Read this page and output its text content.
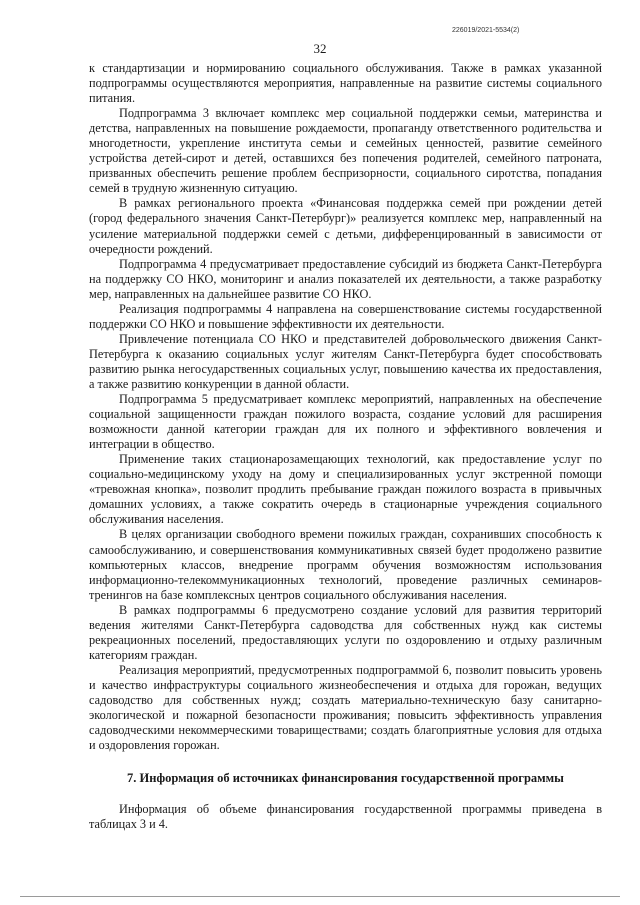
226019/2021-5534(2)
32

к стандартизации и нормированию социального обслуживания. Также в рамках указанной подпрограммы осуществляются мероприятия, направленные на развитие системы социального питания.

Подпрограмма 3 включает комплекс мер социальной поддержки семьи, материнства и детства, направленных на повышение рождаемости, пропаганду ответственного родительства и многодетности, укрепление института семьи и семейных ценностей, развитие семейного устройства детей-сирот и детей, оставшихся без попечения родителей, семейного патроната, призванных обеспечить решение проблем беспризорности, социального сиротства, попадания семей в трудную жизненную ситуацию.

В рамках регионального проекта «Финансовая поддержка семей при рождении детей (город федерального значения Санкт-Петербург)» реализуется комплекс мер, направленный на усиление материальной поддержки семей с детьми, дифференцированный в зависимости от очередности рождений.

Подпрограмма 4 предусматривает предоставление субсидий из бюджета Санкт-Петербурга на поддержку СО НКО, мониторинг и анализ показателей их деятельности, а также разработку мер, направленных на дальнейшее развитие СО НКО.

Реализация подпрограммы 4 направлена на совершенствование системы государственной поддержки СО НКО и повышение эффективности их деятельности.

Привлечение потенциала СО НКО и представителей добровольческого движения Санкт-Петербурга к оказанию социальных услуг жителям Санкт-Петербурга будет способствовать развитию рынка негосударственных социальных услуг, повышению качества их предоставления, а также развитию конкуренции в данной области.

Подпрограмма 5 предусматривает комплекс мероприятий, направленных на обеспечение социальной защищенности граждан пожилого возраста, создание условий для расширения возможности данной категории граждан для их полного и эффективного вовлечения и интеграции в общество.

Применение таких стационарозамещающих технологий, как предоставление услуг по социально-медицинскому уходу на дому и специализированных услуг экстренной помощи «тревожная кнопка», позволит продлить пребывание граждан пожилого возраста в привычных домашних условиях, а также сократить очередь в стационарные учреждения социального обслуживания населения.

В целях организации свободного времени пожилых граждан, сохранивших способность к самообслуживанию, и совершенствования коммуникативных связей будет продолжено развитие компьютерных классов, внедрение программ обучения возможностям использования информационно-телекоммуникационных технологий, проведение различных семинаров-тренингов на базе комплексных центров социального обслуживания населения.

В рамках подпрограммы 6 предусмотрено создание условий для развития территорий ведения жителями Санкт-Петербурга садоводства для собственных нужд как системы рекреационных поселений, предоставляющих услуги по оздоровлению и отдыху различным категориям граждан.

Реализация мероприятий, предусмотренных подпрограммой 6, позволит повысить уровень и качество инфраструктуры социального жизнеобеспечения и отдыха для горожан, ведущих садоводство для собственных нужд; создать материально-техническую базу санитарно-экологической и пожарной безопасности проживания; повысить эффективность управления садоводческими некоммерческими товариществами; создать благоприятные условия для отдыха и оздоровления горожан.

7. Информация об источниках финансирования государственной программы

Информация об объеме финансирования государственной программы приведена в таблицах 3 и 4.
